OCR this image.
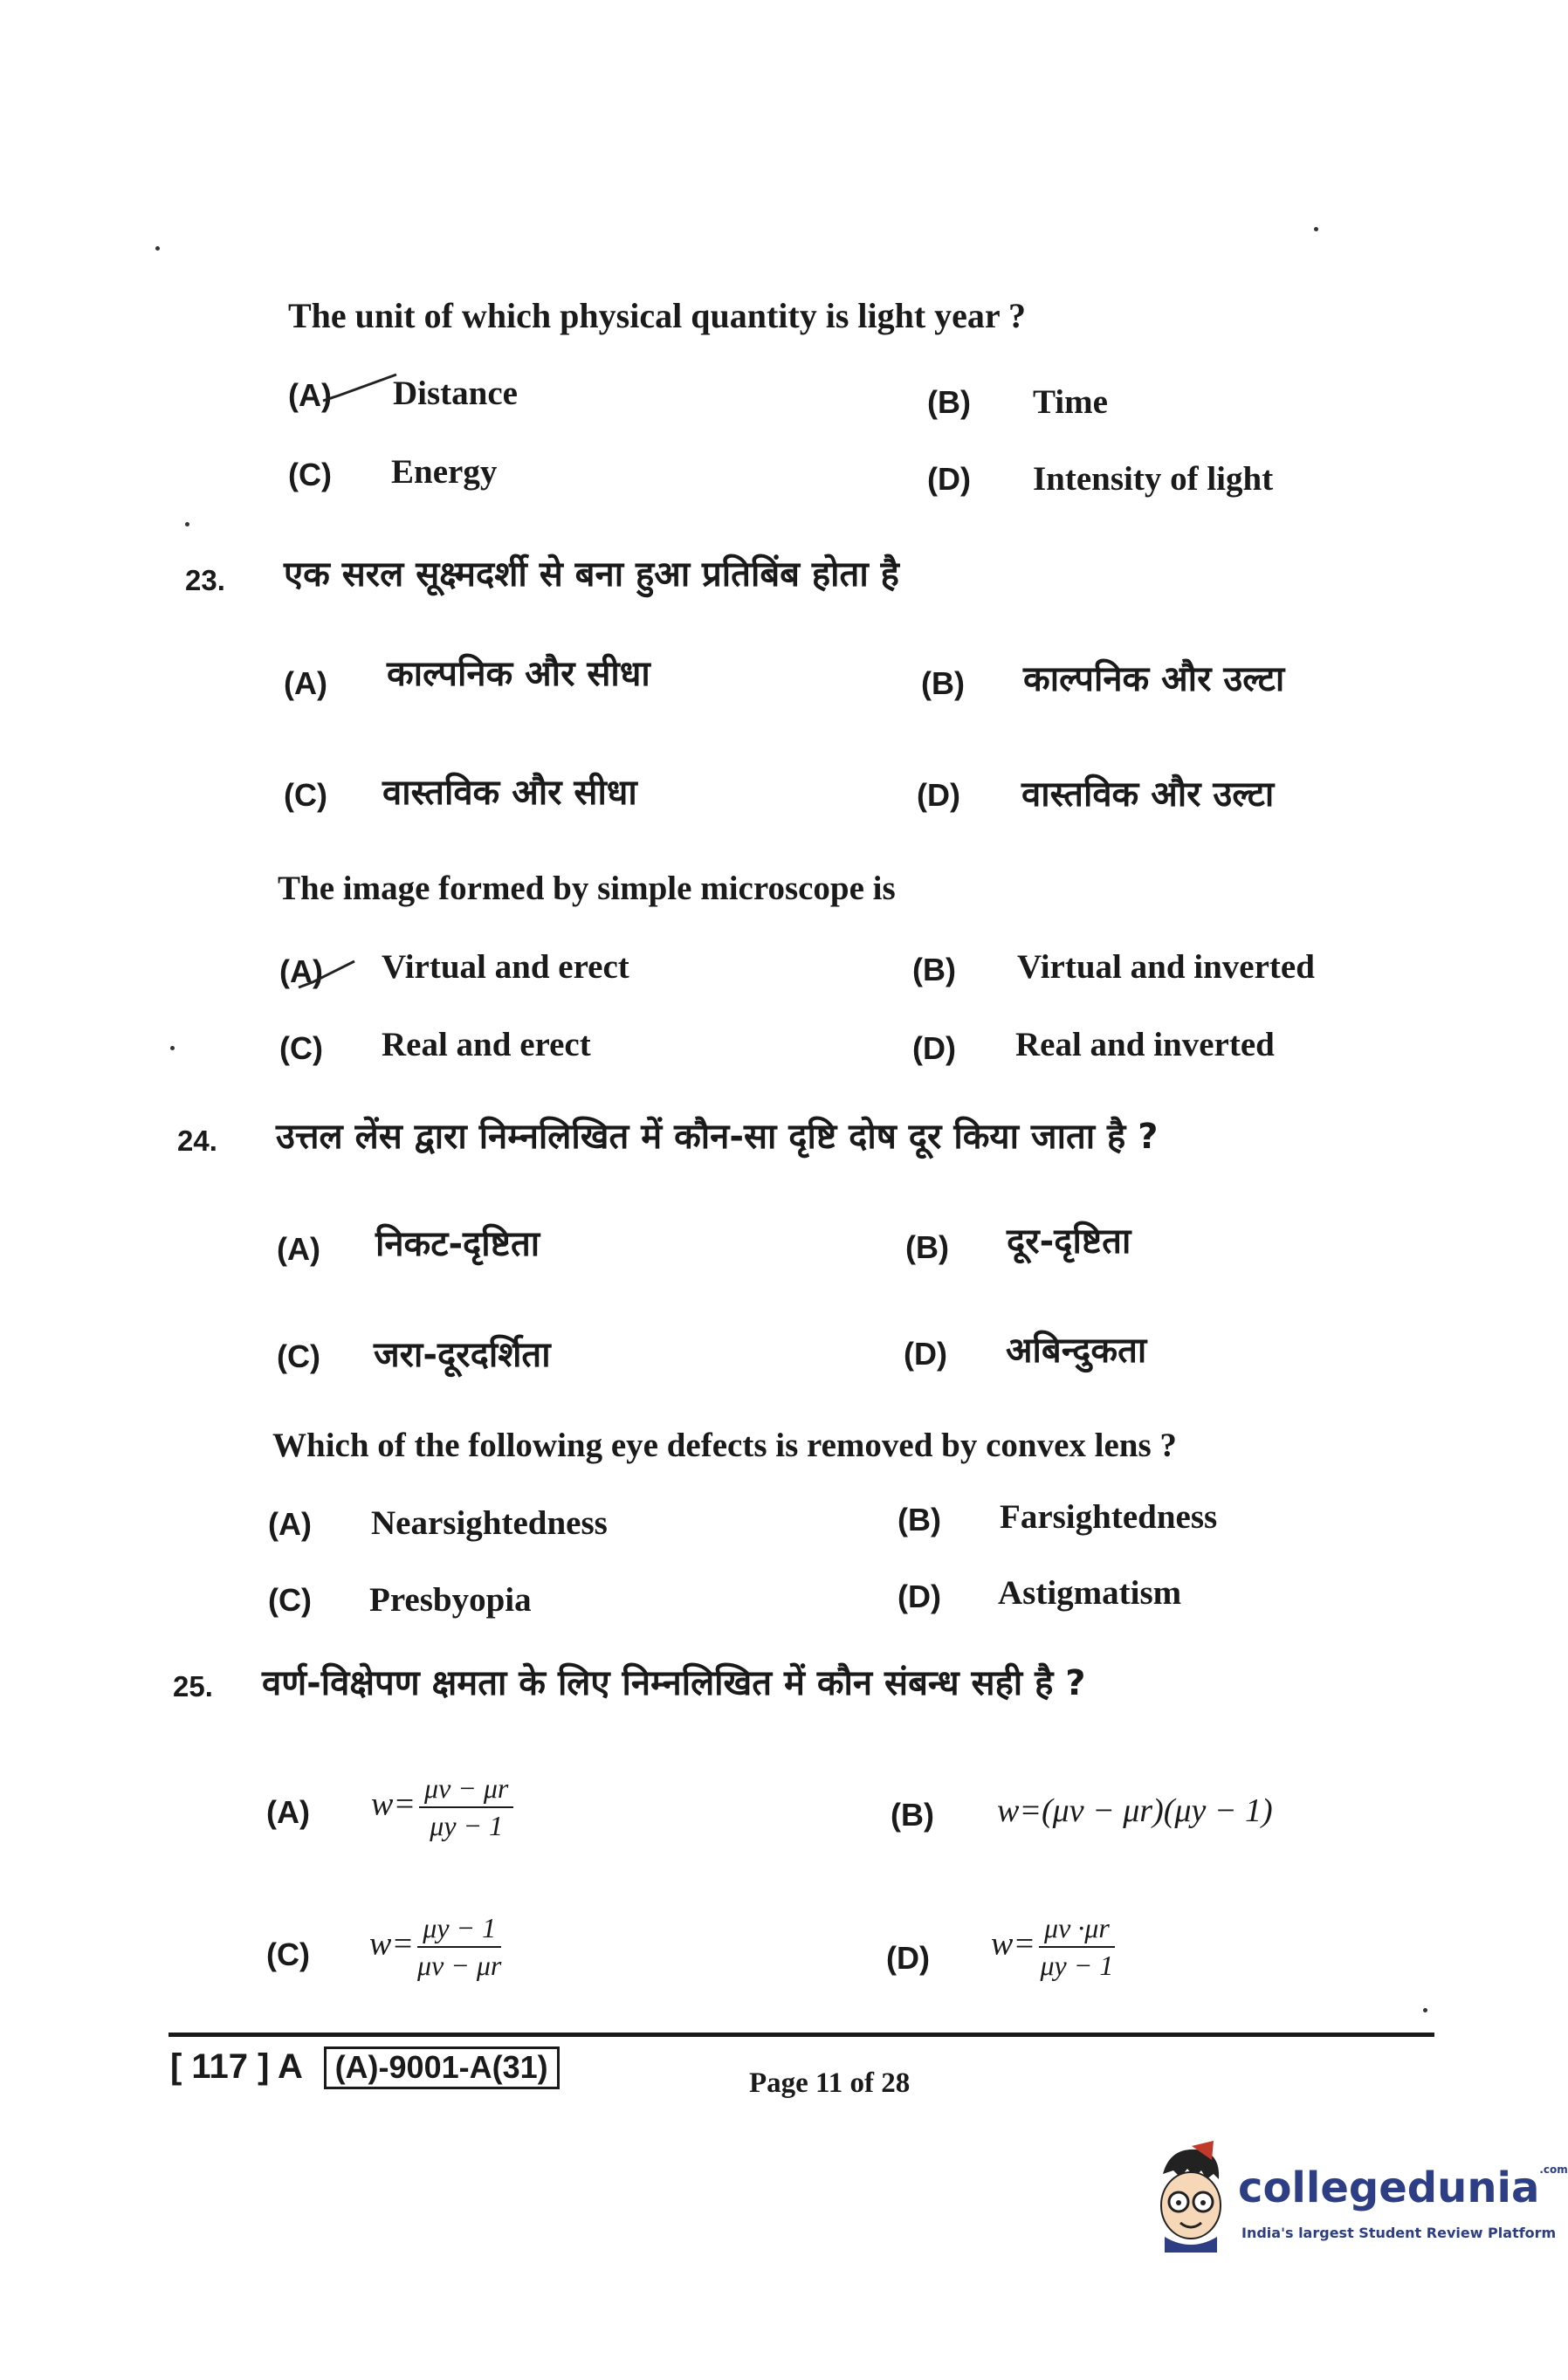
The unit of which physical quantity is light year ?
(A) Distance	(B) Time
(C) Energy	(D) Intensity of light
23. एक सरल सूक्ष्मदर्शी से बना हुआ प्रतिबिंब होता है
(A) काल्पनिक और सीधा	(B) काल्पनिक और उल्टा
(C) वास्तविक और सीधा	(D) वास्तविक और उल्टा
The image formed by simple microscope is
(A) Virtual and erect	(B) Virtual and inverted
(C) Real and erect	(D) Real and inverted
24. उत्तल लेंस द्वारा निम्नलिखित में कौन-सा दृष्टि दोष दूर किया जाता है ?
(A) निकट-दृष्टिता	(B) दूर-दृष्टिता
(C) जरा-दूरदर्शिता	(D) अबिन्दुकता
Which of the following eye defects is removed by convex lens ?
(A) Nearsightedness	(B) Farsightedness
(C) Presbyopia	(D) Astigmatism
25. वर्ण-विक्षेपण क्षमता के लिए निम्नलिखित में कौन संबन्ध सही है ?
(A) $w= \frac{\mu v - \mu r}{\mu y - 1}$	(B) w=(μv − μr)(μy − 1)
(C) $w= \frac{\mu y - 1}{\mu v - \mu r}$	(D) $w= \frac{\mu v \cdot\mu r}{\mu y - 1}$
[ 117 ] A (A)-9001-A(31)	Page 11 of 28
collegedunia$^{.com}$
India's largest Student Review Platform
